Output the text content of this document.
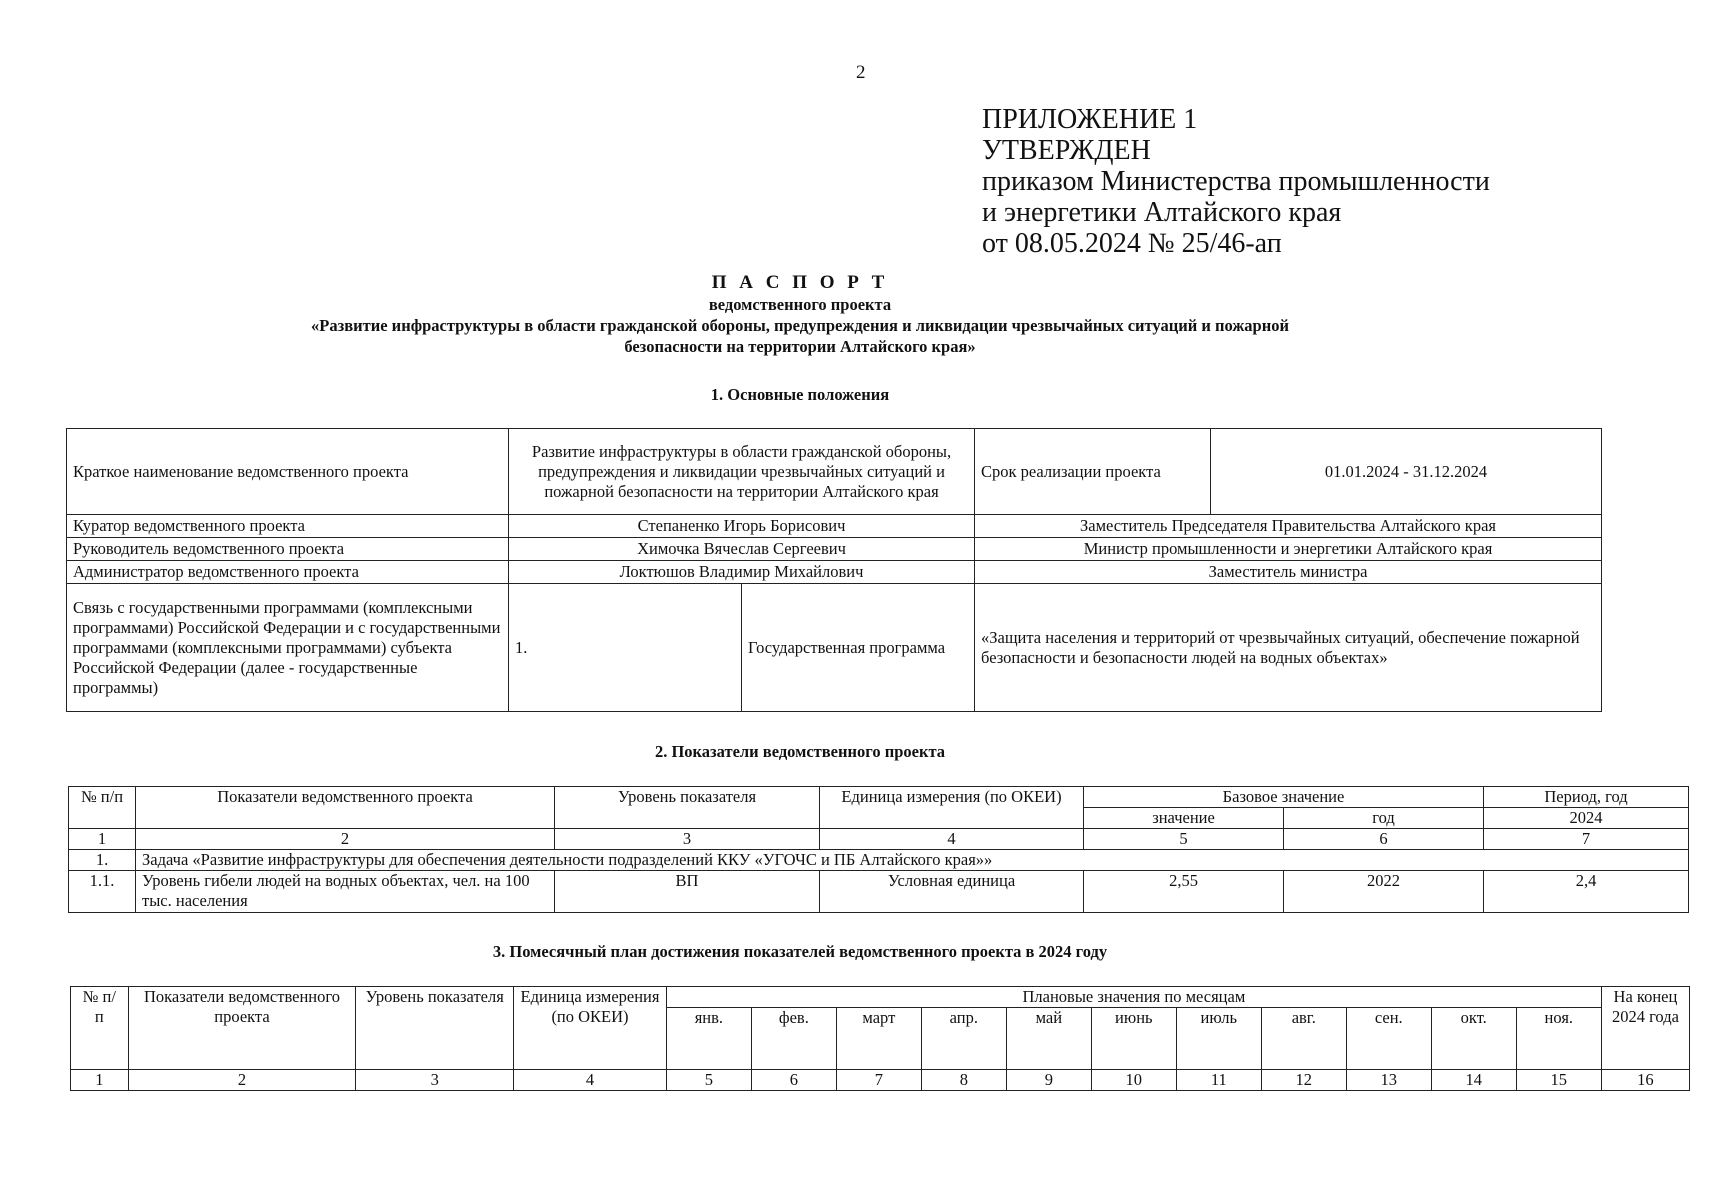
2
ПРИЛОЖЕНИЕ 1
УТВЕРЖДЕН
приказом Министерства промышленности
и энергетики Алтайского края
от 08.05.2024 № 25/46-ап
П А С П О Р Т
ведомственного проекта
«Развитие инфраструктуры в области гражданской обороны, предупреждения и ликвидации чрезвычайных ситуаций и пожарной
безопасности на территории Алтайского края»
1. Основные положения
Краткое наименование ведомственного проекта	Развитие инфраструктуры в области гражданской обороны, предупреждения и ликвидации чрезвычайных ситуаций и пожарной безопасности на территории Алтайского края		Срок реализации проекта	01.01.2024 - 31.12.2024
Куратор ведомственного проекта	Степаненко Игорь Борисович		Заместитель Председателя Правительства Алтайского края	
Руководитель ведомственного проекта	Химочка Вячеслав Сергеевич		Министр промышленности и энергетики Алтайского края	
Администратор ведомственного проекта	Локтюшов Владимир Михайлович		Заместитель министра	
Связь с государственными программами (комплексными программами) Российской Федерации и с государственными программами (комплексными программами) субъекта Российской Федерации (далее - государственные программы)	1.	Государственная программа	«Защита населения и территорий от чрезвычайных ситуаций, обеспечение пожарной безопасности и безопасности людей на водных объектах»	
2. Показатели ведомственного проекта
№ п/п	Показатели ведомственного проекта	Уровень показателя	Единица измерения (по ОКЕИ)	Базовое значение		Период, год
				значение	год	2024
1	2	3	4	5	6	7
1.	Задача «Развитие инфраструктуры для обеспечения деятельности подразделений ККУ «УГОЧС и ПБ Алтайского края»»					
1.1.	Уровень гибели людей на водных объектах, чел. на 100 тыс. населения	ВП	Условная единица	2,55	2022	2,4
3. Помесячный план достижения показателей ведомственного проекта в 2024 году
№ п/ п	Показатели ведомственного проекта	Уровень показателя	Единица измерения (по ОКЕИ)	Плановые значения по месяцам											На конец 2024 года
				янв.	фев.	март	апр.	май	июнь	июль	авг.	сен.	окт.	ноя.	
1	2	3	4	5	6	7	8	9	10	11	12	13	14	15	16
